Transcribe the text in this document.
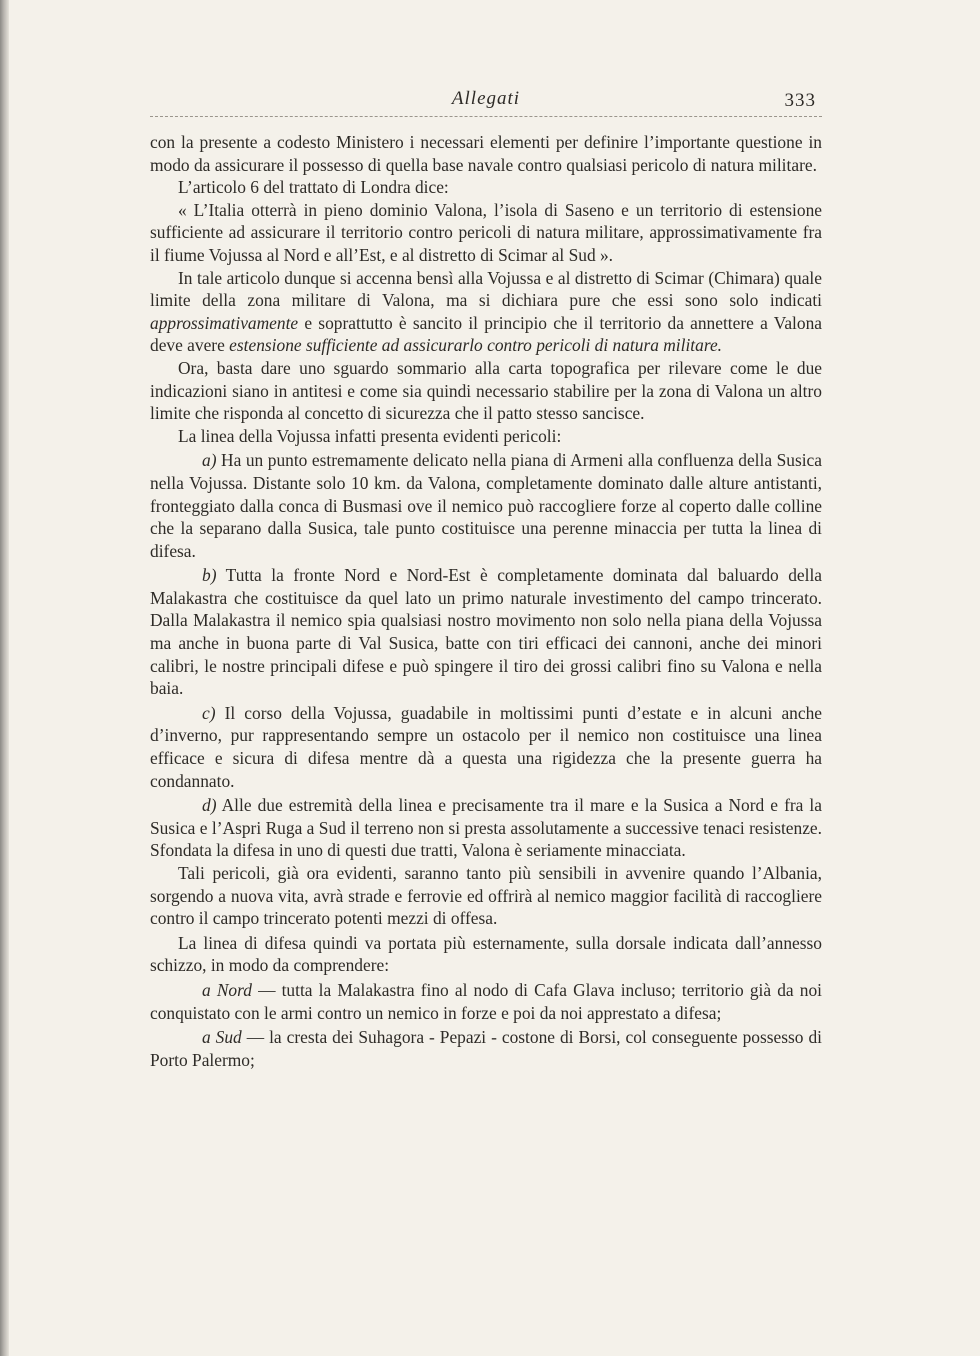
Allegati	333

con la presente a codesto Ministero i necessari elementi per definire l’importante questione in modo da assicurare il possesso di quella base navale contro qualsiasi pericolo di natura militare.

L’articolo 6 del trattato di Londra dice:

« L’Italia otterrà in pieno dominio Valona, l’isola di Saseno e un territorio di estensione sufficiente ad assicurare il territorio contro pericoli di natura militare, approssimativamente fra il fiume Vojussa al Nord e all’Est, e al distretto di Scimar al Sud ».

In tale articolo dunque si accenna bensì alla Vojussa e al distretto di Scimar (Chimara) quale limite della zona militare di Valona, ma si dichiara pure che essi sono solo indicati approssimativamente e soprattutto è sancito il principio che il territorio da annettere a Valona deve avere estensione sufficiente ad assicurarlo contro pericoli di natura militare.

Ora, basta dare uno sguardo sommario alla carta topografica per rilevare come le due indicazioni siano in antitesi e come sia quindi necessario stabilire per la zona di Valona un altro limite che risponda al concetto di sicurezza che il patto stesso sancisce.

La linea della Vojussa infatti presenta evidenti pericoli:

a) Ha un punto estremamente delicato nella piana di Armeni alla confluenza della Susica nella Vojussa. Distante solo 10 km. da Valona, completamente dominato dalle alture antistanti, fronteggiato dalla conca di Busmasi ove il nemico può raccogliere forze al coperto dalle colline che la separano dalla Susica, tale punto costituisce una perenne minaccia per tutta la linea di difesa.

b) Tutta la fronte Nord e Nord-Est è completamente dominata dal baluardo della Malakastra che costituisce da quel lato un primo naturale investimento del campo trincerato. Dalla Malakastra il nemico spia qualsiasi nostro movimento non solo nella piana della Vojussa ma anche in buona parte di Val Susica, batte con tiri efficaci dei cannoni, anche dei minori calibri, le nostre principali difese e può spingere il tiro dei grossi calibri fino su Valona e nella baia.

c) Il corso della Vojussa, guadabile in moltissimi punti d’estate e in alcuni anche d’inverno, pur rappresentando sempre un ostacolo per il nemico non costituisce una linea efficace e sicura di difesa mentre dà a questa una rigidezza che la presente guerra ha condannato.

d) Alle due estremità della linea e precisamente tra il mare e la Susica a Nord e fra la Susica e l’Aspri Ruga a Sud il terreno non si presta assolutamente a successive tenaci resistenze. Sfondata la difesa in uno di questi due tratti, Valona è seriamente minacciata.

Tali pericoli, già ora evidenti, saranno tanto più sensibili in avvenire quando l’Albania, sorgendo a nuova vita, avrà strade e ferrovie ed offrirà al nemico maggior facilità di raccogliere contro il campo trincerato potenti mezzi di offesa.

La linea di difesa quindi va portata più esternamente, sulla dorsale indicata dall’annesso schizzo, in modo da comprendere:

a Nord — tutta la Malakastra fino al nodo di Cafa Glava incluso; territorio già da noi conquistato con le armi contro un nemico in forze e poi da noi apprestato a difesa;

a Sud — la cresta dei Suhagora - Pepazi - costone di Borsi, col conseguente possesso di Porto Palermo;
